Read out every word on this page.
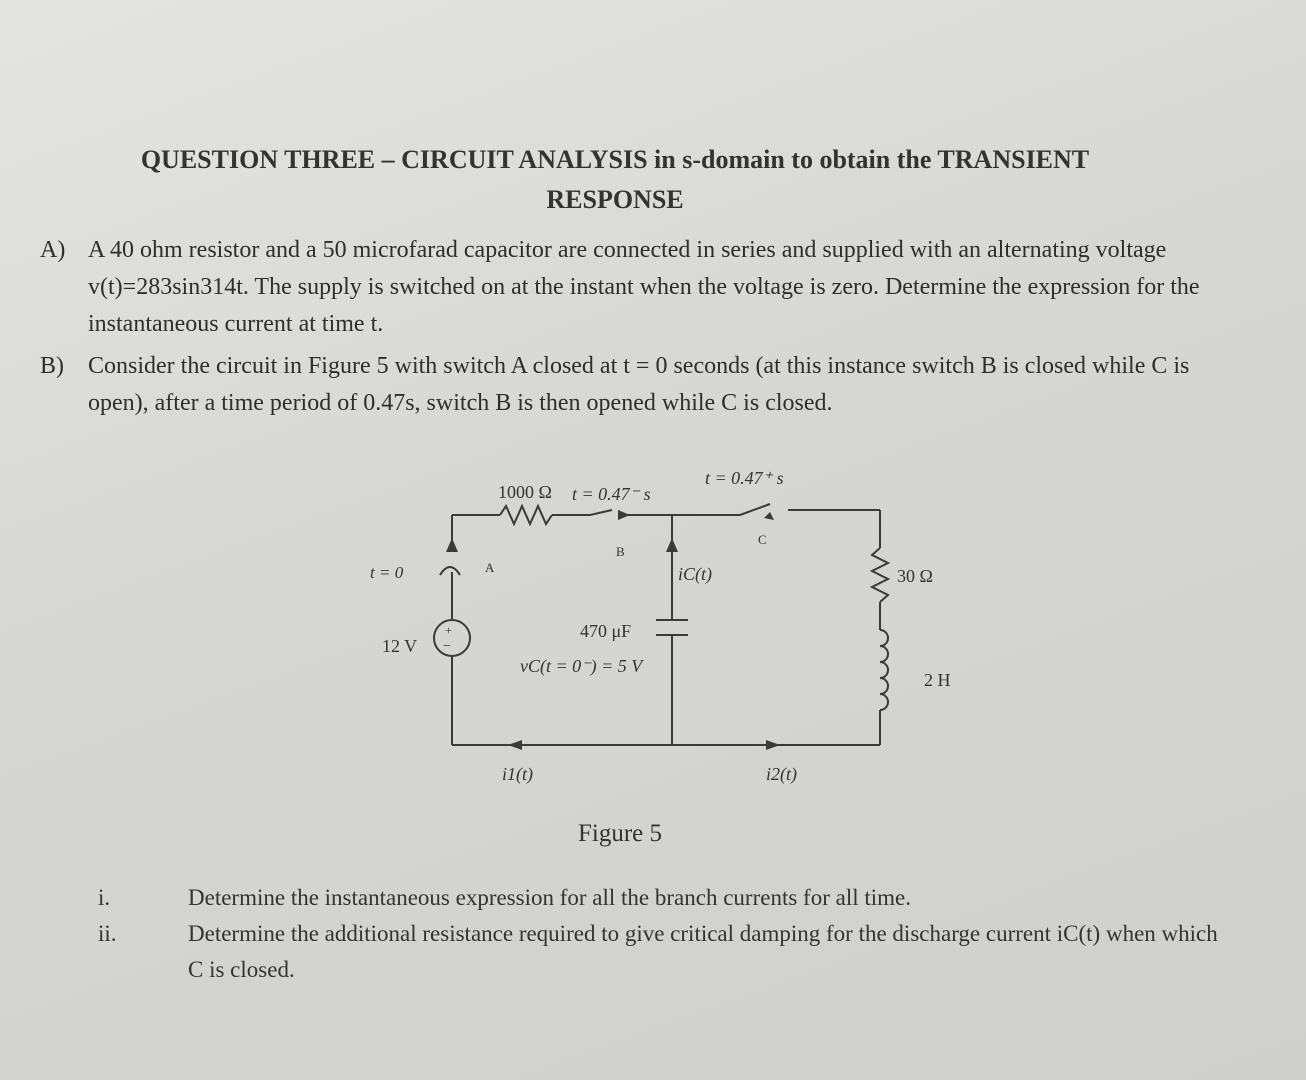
QUESTION THREE – CIRCUIT ANALYSIS in s-domain to obtain the TRANSIENT
RESPONSE
A) A 40 ohm resistor and a 50 microfarad capacitor are connected in series and supplied with an alternating voltage v(t)=283sin314t. The supply is switched on at the instant when the voltage is zero. Determine the expression for the instantaneous current at time t.
B) Consider the circuit in Figure 5 with switch A closed at t = 0 seconds (at this instance switch B is closed while C is open), after a time period of 0.47s, switch B is then opened while C is closed.
+
−
1000 Ω t = 0.47⁻ s
t = 0.47⁺ s
t = 0	A
B
C
12 V
470 μF
vC(t = 0⁻) = 5 V
iC(t)	30 Ω
2 H
i1(t)	i2(t)
Figure 5
i.	Determine the instantaneous expression for all the branch currents for all time.
ii.	Determine the additional resistance required to give critical damping for the discharge current iC(t) when which C is closed.
